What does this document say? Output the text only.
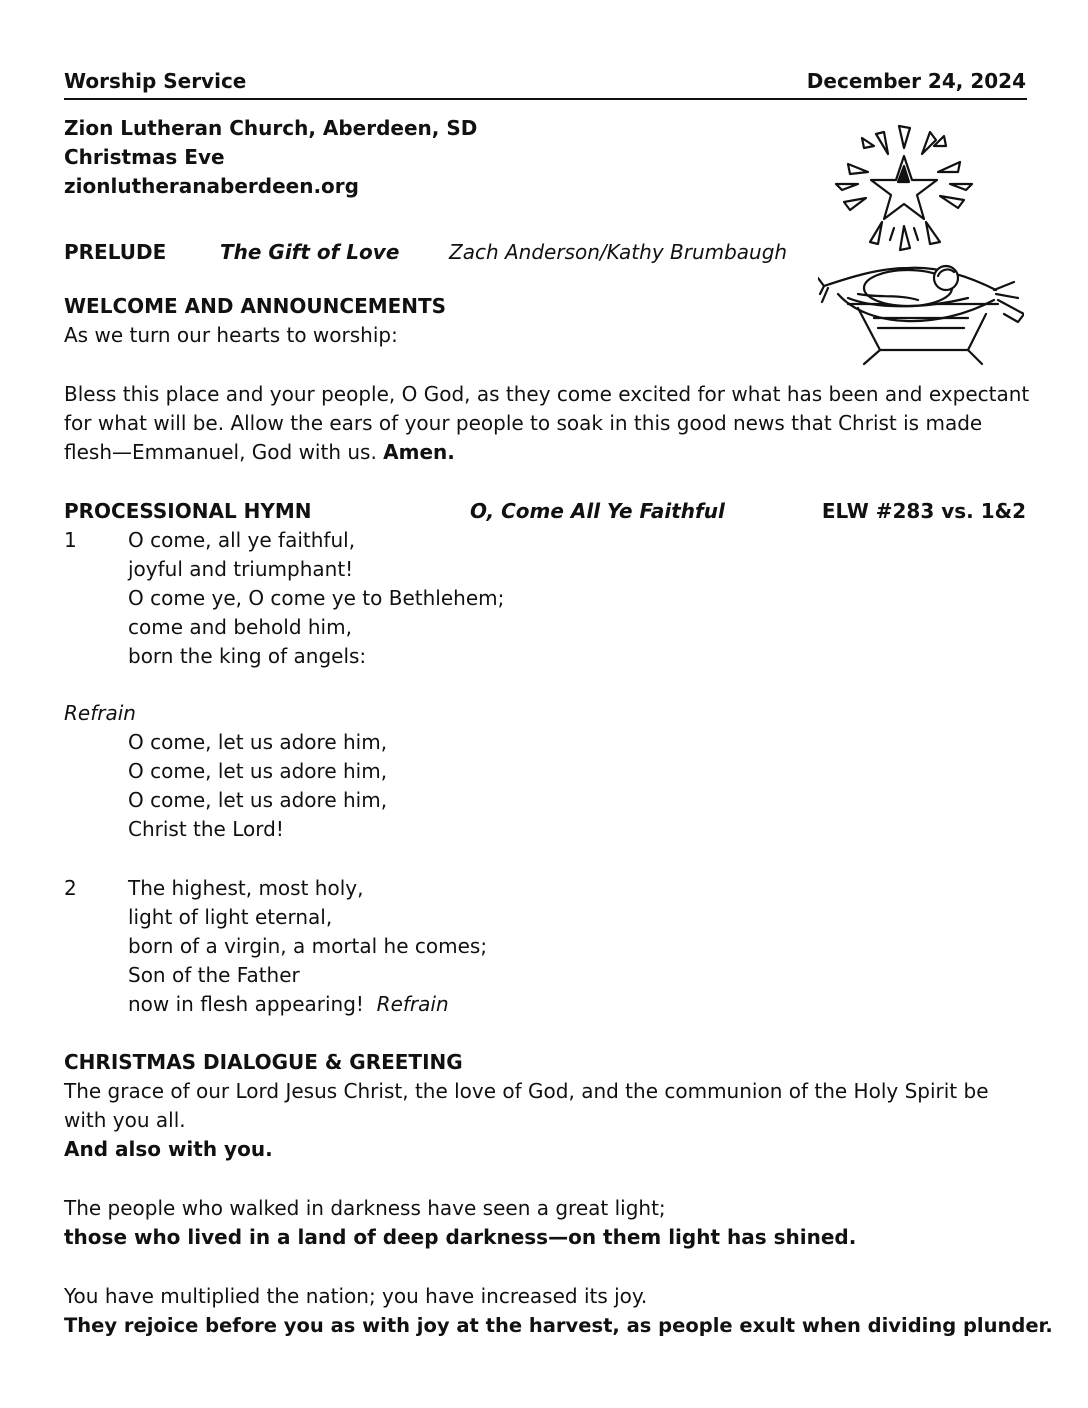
Worship Service	December 24, 2024
Zion Lutheran Church, Aberdeen, SD
Christmas Eve
zionlutheranaberdeen.org
PRELUDE	The Gift of Love Zach Anderson/Kathy Brumbaugh
WELCOME AND ANNOUNCEMENTS
As we turn our hearts to worship:
Bless this place and your people, O God, as they come excited for what has been and expectant
for what will be. Allow the ears of your people to soak in this good news that Christ is made
flesh—Emmanuel, God with us. Amen.
PROCESSIONAL HYMN	O, Come All Ye Faithful	ELW #283 vs. 1&2
1	O come, all ye faithful,
joyful and triumphant!
O come ye, O come ye to Bethlehem;
come and behold him,
born the king of angels:
Refrain
O come, let us adore him,
O come, let us adore him,
O come, let us adore him,
Christ the Lord!
2	The highest, most holy,
light of light eternal,
born of a virgin, a mortal he comes;
Son of the Father
now in flesh appearing! Refrain
CHRISTMAS DIALOGUE & GREETING
The grace of our Lord Jesus Christ, the love of God, and the communion of the Holy Spirit be
with you all.
And also with you.
The people who walked in darkness have seen a great light;
those who lived in a land of deep darkness—on them light has shined.
You have multiplied the nation; you have increased its joy.
They rejoice before you as with joy at the harvest, as people exult when dividing plunder.
